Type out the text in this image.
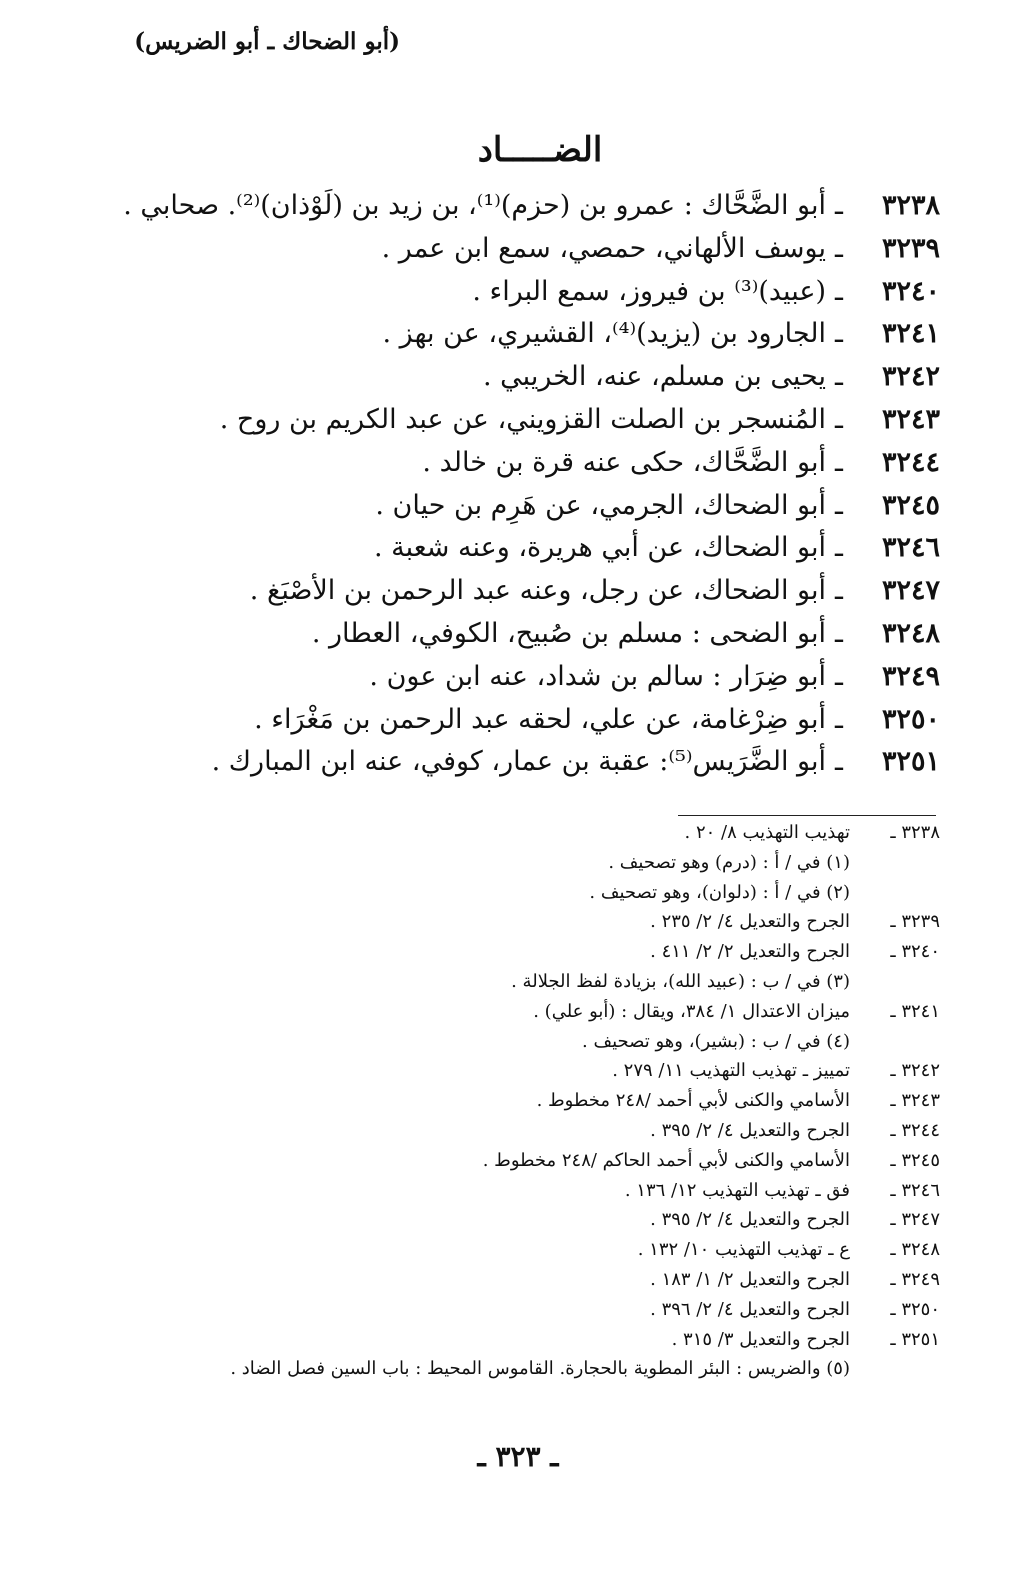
(أبو الضحاك ـ أبو الضريس)
الضـــــاد
٣٢٣٨
ـ
أبو الضَّحَّاك : عمرو بن (حزم)⁽¹⁾، بن زيد بن (لَوْذان)⁽²⁾. صحابي .
٣٢٣٩
ـ
يوسف الألهاني، حمصي، سمع ابن عمر .
٣٢٤٠
ـ
(عبيد)⁽³⁾ بن فيروز، سمع البراء .
٣٢٤١
ـ
الجارود بن (يزيد)⁽⁴⁾، القشيري، عن بهز .
٣٢٤٢
ـ
يحيى بن مسلم، عنه، الخريبي .
٣٢٤٣
ـ
المُنسجر بن الصلت القزويني، عن عبد الكريم بن روح .
٣٢٤٤
ـ
أبو الضَّحَّاك، حكى عنه قرة بن خالد .
٣٢٤٥
ـ
أبو الضحاك، الجرمي، عن هَرِم بن حيان .
٣٢٤٦
ـ
أبو الضحاك، عن أبي هريرة، وعنه شعبة .
٣٢٤٧
ـ
أبو الضحاك، عن رجل، وعنه عبد الرحمن بن الأصْبَغ .
٣٢٤٨
ـ
أبو الضحى : مسلم بن صُبيح، الكوفي، العطار .
٣٢٤٩
ـ
أبو ضِرَار : سالم بن شداد، عنه ابن عون .
٣٢٥٠
ـ
أبو ضِرْغامة، عن علي، لحقه عبد الرحمن بن مَغْرَاء .
٣٢٥١
ـ
أبو الضَّرَيس⁽⁵⁾: عقبة بن عمار، كوفي، عنه ابن المبارك .
٣٢٣٨ ـ
تهذيب التهذيب ٨/ ٢٠ .
(١) في / أ : (درم) وهو تصحيف .
(٢) في / أ : (دلوان)، وهو تصحيف .
٣٢٣٩ ـ
الجرح والتعديل ٤/ ٢/ ٢٣٥ .
٣٢٤٠ ـ
الجرح والتعديل ٢/ ٢/ ٤١١ .
(٣) في / ب : (عبيد الله)، بزيادة لفظ الجلالة .
٣٢٤١ ـ
ميزان الاعتدال ١/ ٣٨٤، ويقال : (أبو علي) .
(٤) في / ب : (بشير)، وهو تصحيف .
٣٢٤٢ ـ
تمييز ـ تهذيب التهذيب ١١/ ٢٧٩ .
٣٢٤٣ ـ
الأسامي والكنى لأبي أحمد /٢٤٨ مخطوط .
٣٢٤٤ ـ
الجرح والتعديل ٤/ ٢/ ٣٩٥ .
٣٢٤٥ ـ
الأسامي والكنى لأبي أحمد الحاكم /٢٤٨ مخطوط .
٣٢٤٦ ـ
فق ـ تهذيب التهذيب ١٢/ ١٣٦ .
٣٢٤٧ ـ
الجرح والتعديل ٤/ ٢/ ٣٩٥ .
٣٢٤٨ ـ
ع ـ تهذيب التهذيب ١٠/ ١٣٢ .
٣٢٤٩ ـ
الجرح والتعديل ٢/ ١/ ١٨٣ .
٣٢٥٠ ـ
الجرح والتعديل ٤/ ٢/ ٣٩٦ .
٣٢٥١ ـ
الجرح والتعديل ٣/ ٣١٥ .
(٥) والضريس : البئر المطوية بالحجارة. القاموس المحيط : باب السين فصل الضاد .
ـ ٣٢٣ ـ
